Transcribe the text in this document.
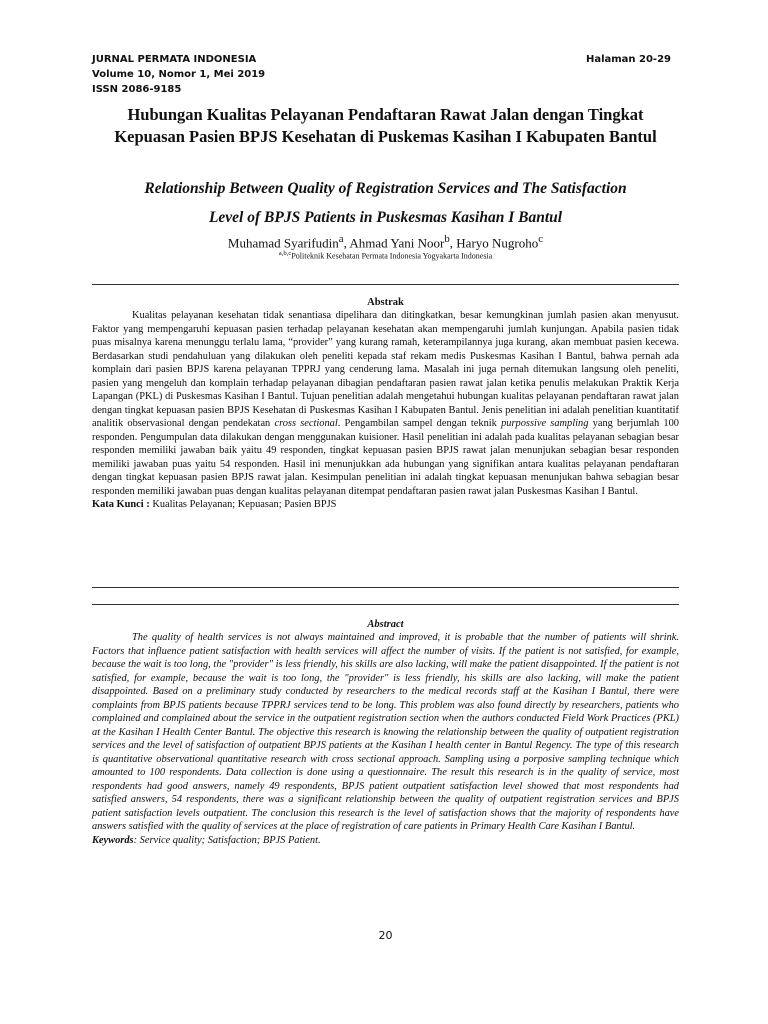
JURNAL PERMATA INDONESIA
Volume 10, Nomor 1, Mei 2019
ISSN 2086-9185
Halaman 20-29
Hubungan Kualitas Pelayanan Pendaftaran Rawat Jalan dengan Tingkat Kepuasan Pasien BPJS Kesehatan di Puskemas Kasihan I Kabupaten Bantul
Relationship Between Quality of Registration Services and The Satisfaction
Level of BPJS Patients in Puskesmas Kasihan I Bantul
Muhamad Syarifudin$^a$, Ahmad Yani Noor$^b$, Haryo Nugroho$^c$
$^{a,b,c}$Politeknik Kesehatan Permata Indonesia Yogyakarta Indonesia
Abstrak

Kualitas pelayanan kesehatan tidak senantiasa dipelihara dan ditingkatkan, besar kemungkinan jumlah pasien akan menyusut. Faktor yang mempengaruhi kepuasan pasien terhadap pelayanan kesehatan akan mempengaruhi jumlah kunjungan. Apabila pasien tidak puas misalnya karena menunggu terlalu lama, “provider” yang kurang ramah, keterampilannya juga kurang, akan membuat pasien kecewa. Berdasarkan studi pendahuluan yang dilakukan oleh peneliti kepada staf rekam medis Puskesmas Kasihan I Bantul, bahwa pernah ada komplain dari pasien BPJS karena pelayanan TPPRJ yang cenderung lama. Masalah ini juga pernah ditemukan langsung oleh peneliti, pasien yang mengeluh dan komplain terhadap pelayanan dibagian pendaftaran pasien rawat jalan ketika penulis melakukan Praktik Kerja Lapangan (PKL) di Puskesmas Kasihan I Bantul. Tujuan penelitian adalah mengetahui hubungan kualitas pelayanan pendaftaran rawat jalan dengan tingkat kepuasan pasien BPJS Kesehatan di Puskesmas Kasihan I Kabupaten Bantul. Jenis penelitian ini adalah penelitian kuantitatif analitik observasional dengan pendekatan cross sectional. Pengambilan sampel dengan teknik purpossive sampling yang berjumlah 100 responden. Pengumpulan data dilakukan dengan menggunakan kuisioner. Hasil penelitian ini adalah pada kualitas pelayanan sebagian besar responden memiliki jawaban baik yaitu 49 responden, tingkat kepuasan pasien BPJS rawat jalan menunjukan sebagian besar responden memiliki jawaban puas yaitu 54 responden. Hasil ini menunjukkan ada hubungan yang signifikan antara kualitas pelayanan pendaftaran dengan tingkat kepuasan pasien BPJS rawat jalan. Kesimpulan penelitian ini adalah tingkat kepuasan menunjukan bahwa sebagian besar responden memiliki jawaban puas dengan kualitas pelayanan ditempat pendaftaran pasien rawat jalan Puskesmas Kasihan I Bantul.

Kata Kunci : Kualitas Pelayanan; Kepuasan; Pasien BPJS
Abstract

The quality of health services is not always maintained and improved, it is probable that the number of patients will shrink. Factors that influence patient satisfaction with health services will affect the number of visits. If the patient is not satisfied, for example, because the wait is too long, the "provider" is less friendly, his skills are also lacking, will make the patient disappointed. If the patient is not satisfied, for example, because the wait is too long, the "provider" is less friendly, his skills are also lacking, will make the patient disappointed. Based on a preliminary study conducted by researchers to the medical records staff at the Kasihan I Bantul, there were complaints from BPJS patients because TPPRJ services tend to be long. This problem was also found directly by researchers, patients who complained and complained about the service in the outpatient registration section when the authors conducted Field Work Practices (PKL) at the Kasihan I Health Center Bantul. The objective this research is knowing the relationship between the quality of outpatient registration services and the level of satisfaction of outpatient BPJS patients at the Kasihan I health center in Bantul Regency. The type of this research is quantitative observational quantitative research with cross sectional approach. Sampling using a porposive sampling technique which amounted to 100 respondents. Data collection is done using a questionnaire. The result this research is in the quality of service, most respondents had good answers, namely 49 respondents, BPJS patient outpatient satisfaction level showed that most respondents had satisfied answers, 54 respondents, there was a significant relationship between the quality of outpatient registration services and BPJS patient satisfaction levels outpatient. The conclusion this research is the level of satisfaction shows that the majority of respondents have answers satisfied with the quality of services at the place of registration of care patients in Primary Health Care Kasihan I Bantul.

Keywords: Service quality; Satisfaction; BPJS Patient.
20
